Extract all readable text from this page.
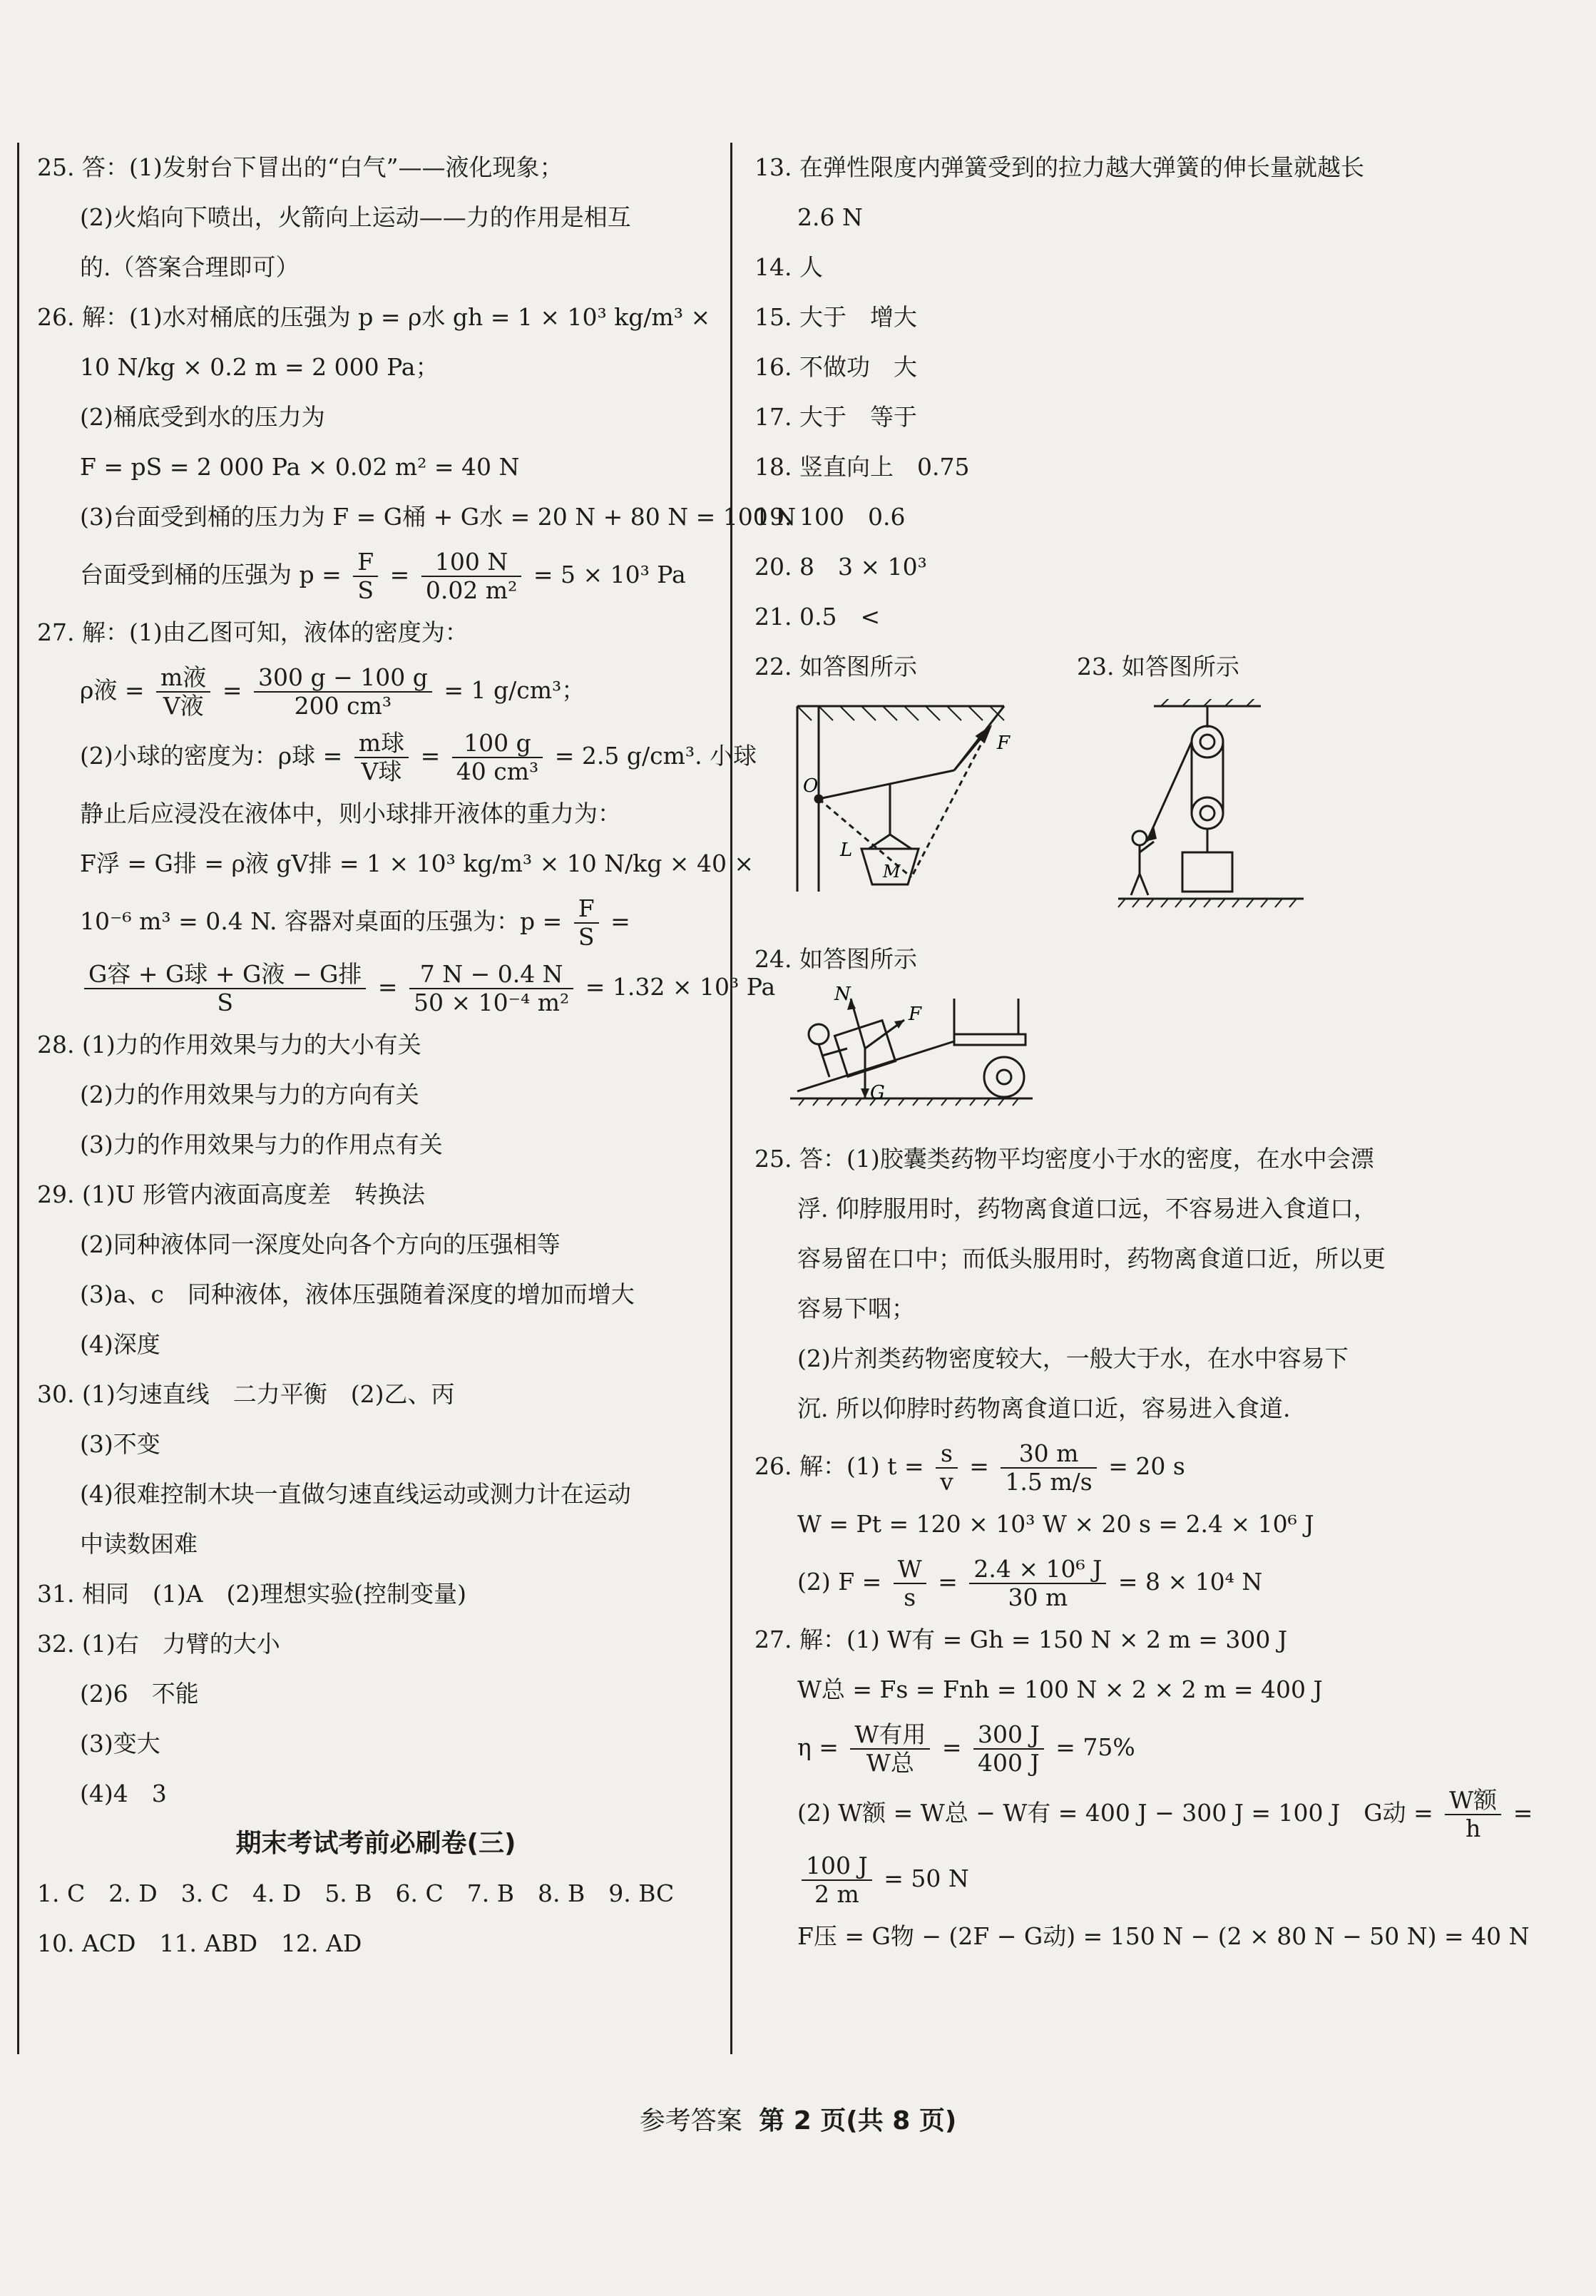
25. 答：(1)发射台下冒出的“白气”——液化现象；
(2)火焰向下喷出，火箭向上运动——力的作用是相互
的.（答案合理即可）
26. 解：(1)水对桶底的压强为 p = ρ水 gh = 1 × 10³ kg/m³ ×
10 N/kg × 0.2 m = 2 000 Pa；
(2)桶底受到水的压力为
F = pS = 2 000 Pa × 0.02 m² = 40 N
(3)台面受到桶的压力为 F = G桶 + G水 = 20 N + 80 N = 100 N
台面受到桶的压强为 $p = \frac{F}{S} = \frac{100 N}{\text{0.02 m²}} = 5 \times 10^3$ Pa
27. 解：(1)由乙图可知，液体的密度为：
ρ液 = $\frac{\text{m液}}{\text{V液}} = \frac{300 g - 100 g}{\text{200 cm³}} = 1$ g/cm³；
(2)小球的密度为：ρ球 = $\frac{\text{m球}}{\text{V球}} = \frac{100 g}{\text{40 cm³}} = 2.5$ g/cm³. 小球
静止后应浸没在液体中，则小球排开液体的重力为：
F浮 = G排 = ρ液 gV排 = 1 × 10³ kg/m³ × 10 N/kg × 40 ×
10⁻⁶ m³ = 0.4 N. 容器对桌面的压强为：$p = \frac{F}{S}$ =
$\frac{\text{G容 + G球 + G液 − G排}}{S} = \frac{7 N - 0.4 N}{\text{50 × 10⁻⁴ m²}} = 1.32 \times 10^3$ Pa
28. (1)力的作用效果与力的大小有关
(2)力的作用效果与力的方向有关
(3)力的作用效果与力的作用点有关
29. (1)U 形管内液面高度差　转换法
(2)同种液体同一深度处向各个方向的压强相等
(3)a、c　同种液体，液体压强随着深度的增加而增大
(4)深度
30. (1)匀速直线　二力平衡　(2)乙、丙
(3)不变
(4)很难控制木块一直做匀速直线运动或测力计在运动
中读数困难
31. 相同　(1)A　(2)理想实验(控制变量)
32. (1)右　力臂的大小
(2)6　不能
(3)变大
(4)4　3
期末考试考前必刷卷(三)
1. C　2. D　3. C　4. D　5. B　6. C　7. B　8. B　9. BC
10. ACD　11. ABD　12. AD
13. 在弹性限度内弹簧受到的拉力越大弹簧的伸长量就越长
2.6 N
14. 人
15. 大于　增大
16. 不做功　大
17. 大于　等于
18. 竖直向上　0.75
19. 100　0.6
20. 8　3 × 10³
21. 0.5　<
22. 如答图所示	23. 如答图所示
O
F
L
M
24. 如答图所示
N
F
G
25. 答：(1)胶囊类药物平均密度小于水的密度，在水中会漂
浮. 仰脖服用时，药物离食道口远，不容易进入食道口，
容易留在口中；而低头服用时，药物离食道口近，所以更
容易下咽；
(2)片剂类药物密度较大，一般大于水，在水中容易下
沉. 所以仰脖时药物离食道口近，容易进入食道.
26. 解：(1) $t = \frac{s}{v} = \frac{30 m}{1.5 m/s} = 20$ s
W = Pt = 120 × 10³ W × 20 s = 2.4 × 10⁶ J
(2) $F = \frac{W}{s} = \frac{\text{2.4 × 10⁶ J}}{30 m} = 8 \times 10^4$ N
27. 解：(1) W有 = Gh = 150 N × 2 m = 300 J
W总 = Fs = Fnh = 100 N × 2 × 2 m = 400 J
$\eta = \frac{\text{W有用}}{\text{W总}} = \frac{300 J}{400 J} = 75\%$
(2) W额 = W总 − W有 = 400 J − 300 J = 100 J　G动 = $\frac{\text{W额}}{h}$ =
$\frac{100 J}{2 m} = 50$ N
F压 = G物 − (2F − G动) = 150 N − (2 × 80 N − 50 N) = 40 N
参考答案 第 2 页(共 8 页)
